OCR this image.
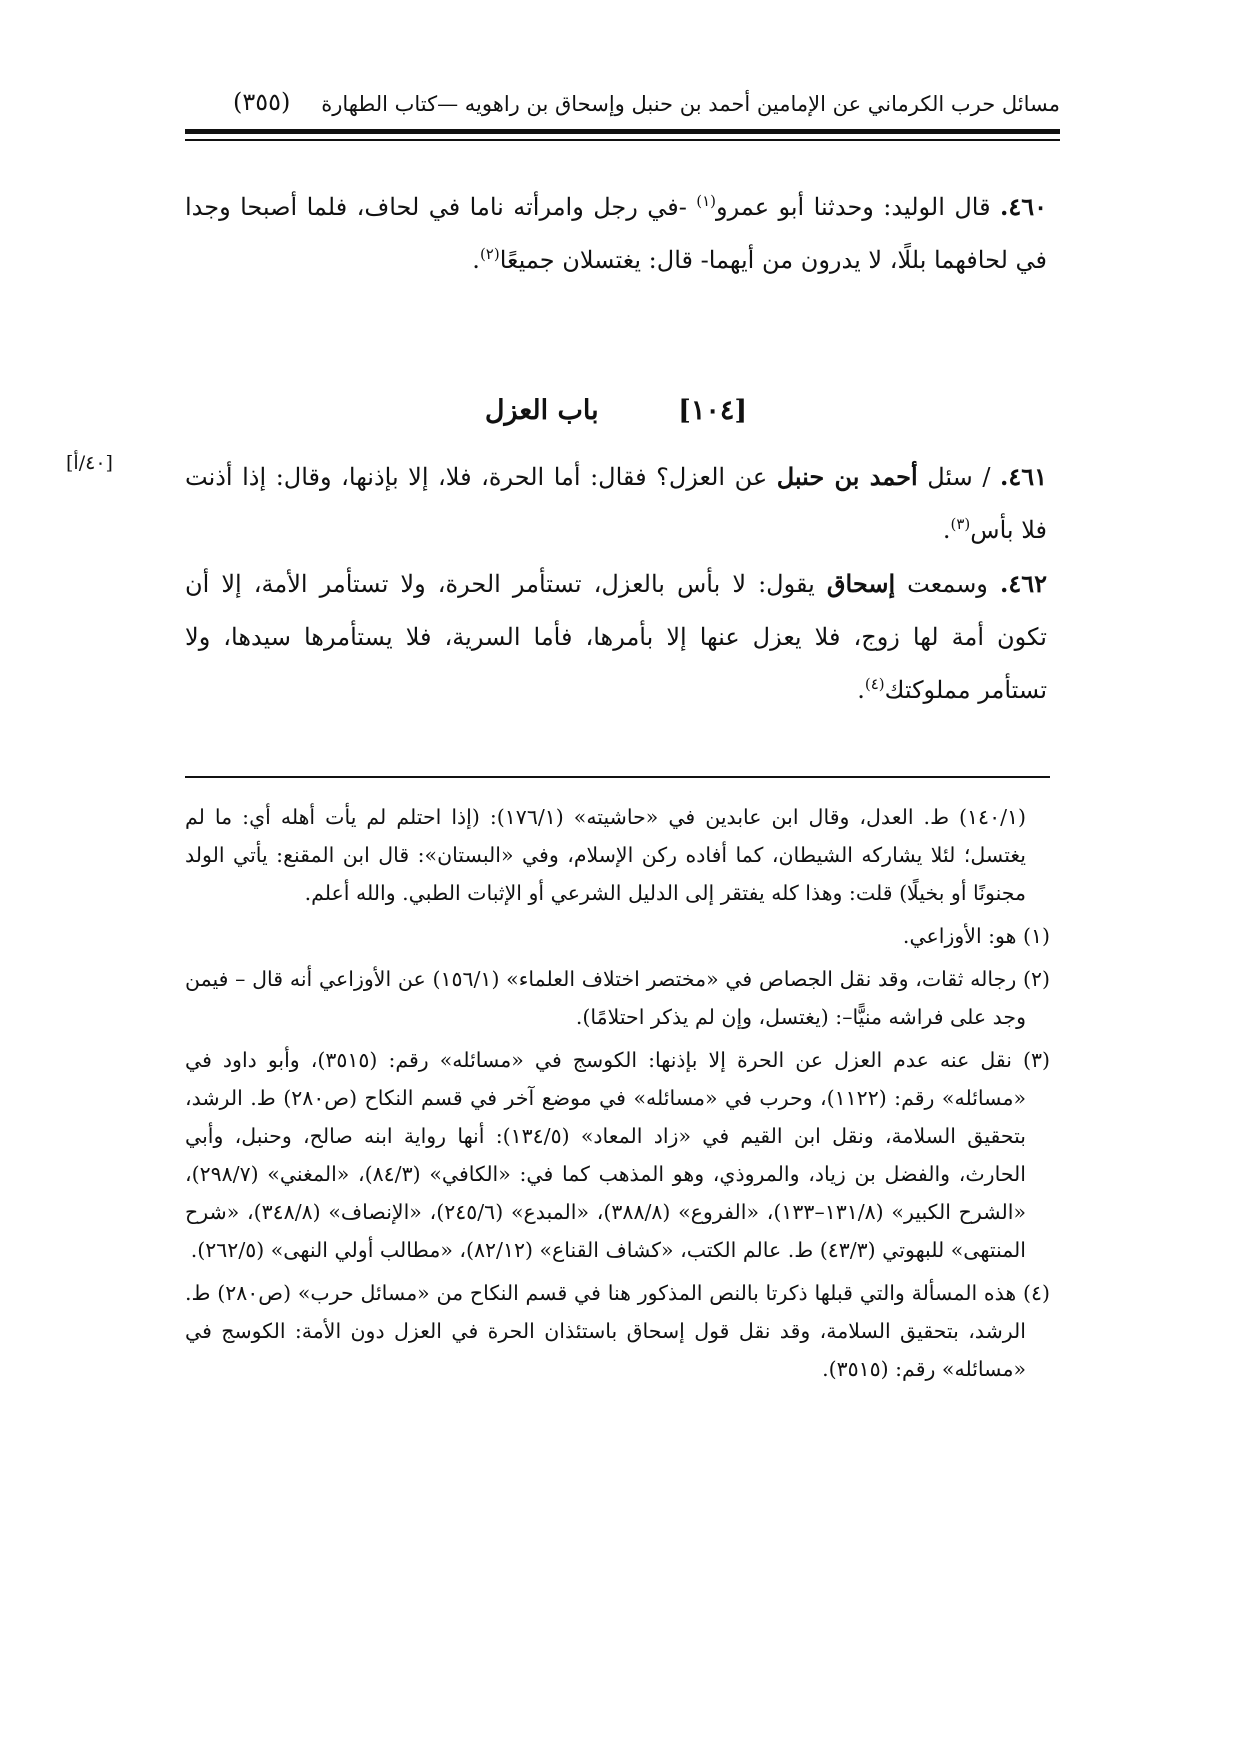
مسائل حرب الكرماني عن الإمامين أحمد بن حنبل وإسحاق بن راهويه —كتاب الطهارة
(٣٥٥)

٤٦٠. قال الوليد: وحدثنا أبو عمرو$^{(١)}$ -في رجل وامرأته ناما في لحاف، فلما أصبحا وجدا في لحافهما بللًا، لا يدرون من أيهما- قال: يغتسلان جميعًا$^{(٢)}$.

[١٠٤] باب العزل
[٤٠/أ]	٤٦١. / سئل أحمد بن حنبل عن العزل؟ فقال: أما الحرة، فلا، إلا بإذنها، وقال: إذا أذنت فلا بأس$^{(٣)}$.

٤٦٢. وسمعت إسحاق يقول: لا بأس بالعزل، تستأمر الحرة، ولا تستأمر الأمة، إلا أن تكون أمة لها زوج، فلا يعزل عنها إلا بأمرها، فأما السرية، فلا يستأمرها سيدها، ولا تستأمر مملوكتك$^{(٤)}$.

(١٤٠/١) ط. العدل، وقال ابن عابدين في «حاشيته» (١٧٦/١): (إذا احتلم لم يأت أهله أي: ما لم يغتسل؛ لئلا يشاركه الشيطان، كما أفاده ركن الإسلام، وفي «البستان»: قال ابن المقنع: يأتي الولد مجنونًا أو بخيلًا) قلت: وهذا كله يفتقر إلى الدليل الشرعي أو الإثبات الطبي. والله أعلم.

(١) هو: الأوزاعي.

(٢) رجاله ثقات، وقد نقل الجصاص في «مختصر اختلاف العلماء» (١٥٦/١) عن الأوزاعي أنه قال – فيمن وجد على فراشه منيًّا–: (يغتسل، وإن لم يذكر احتلامًا).

(٣) نقل عنه عدم العزل عن الحرة إلا بإذنها: الكوسج في «مسائله» رقم: (٣٥١٥)، وأبو داود في «مسائله» رقم: (١١٢٢)، وحرب في «مسائله» في موضع آخر في قسم النكاح (ص٢٨٠) ط. الرشد، بتحقيق السلامة، ونقل ابن القيم في «زاد المعاد» (١٣٤/٥): أنها رواية ابنه صالح، وحنبل، وأبي الحارث، والفضل بن زياد، والمروذي، وهو المذهب كما في: «الكافي» (٨٤/٣)، «المغني» (٢٩٨/٧)، «الشرح الكبير» (١٣١/٨–١٣٣)، «الفروع» (٣٨٨/٨)، «المبدع» (٢٤٥/٦)، «الإنصاف» (٣٤٨/٨)، «شرح المنتهى» للبهوتي (٤٣/٣) ط. عالم الكتب، «كشاف القناع» (٨٢/١٢)، «مطالب أولي النهى» (٢٦٢/٥).

(٤) هذه المسألة والتي قبلها ذكرتا بالنص المذكور هنا في قسم النكاح من «مسائل حرب» (ص٢٨٠) ط. الرشد، بتحقيق السلامة، وقد نقل قول إسحاق باستئذان الحرة في العزل دون الأمة: الكوسج في «مسائله» رقم: (٣٥١٥).
